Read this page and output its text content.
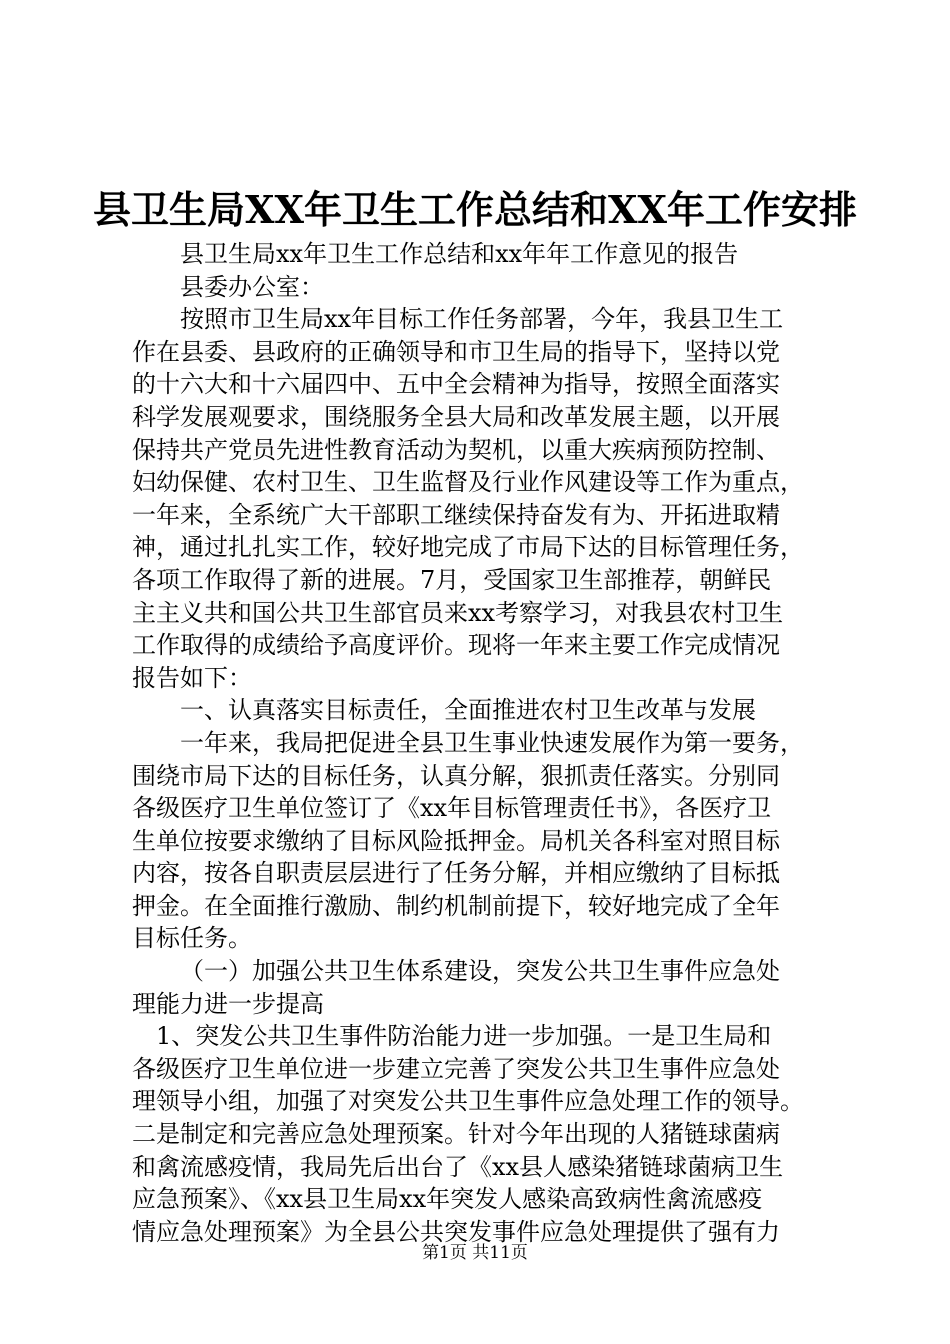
县卫生局XX年卫生工作总结和XX年工作安排
县卫生局xx年卫生工作总结和xx年年工作意见的报告
县委办公室：
按照市卫生局xx年目标工作任务部署，今年，我县卫生工
作在县委、县政府的正确领导和市卫生局的指导下，坚持以党
的十六大和十六届四中、五中全会精神为指导，按照全面落实
科学发展观要求，围绕服务全县大局和改革发展主题，以开展
保持共产党员先进性教育活动为契机，以重大疾病预防控制、
妇幼保健、农村卫生、卫生监督及行业作风建设等工作为重点，
一年来，全系统广大干部职工继续保持奋发有为、开拓进取精
神，通过扎扎实工作，较好地完成了市局下达的目标管理任务，
各项工作取得了新的进展。7月，受国家卫生部推荐，朝鲜民
主主义共和国公共卫生部官员来xx考察学习，对我县农村卫生
工作取得的成绩给予高度评价。现将一年来主要工作完成情况
报告如下：
一、认真落实目标责任，全面推进农村卫生改革与发展
一年来，我局把促进全县卫生事业快速发展作为第一要务，
围绕市局下达的目标任务，认真分解，狠抓责任落实。分别同
各级医疗卫生单位签订了《xx年目标管理责任书》，各医疗卫
生单位按要求缴纳了目标风险抵押金。局机关各科室对照目标
内容，按各自职责层层进行了任务分解，并相应缴纳了目标抵
押金。在全面推行激励、制约机制前提下，较好地完成了全年
目标任务。
（一）加强公共卫生体系建设，突发公共卫生事件应急处
理能力进一步提高
1、突发公共卫生事件防治能力进一步加强。一是卫生局和
各级医疗卫生单位进一步建立完善了突发公共卫生事件应急处
理领导小组，加强了对突发公共卫生事件应急处理工作的领导。
二是制定和完善应急处理预案。针对今年出现的人猪链球菌病
和禽流感疫情，我局先后出台了《xx县人感染猪链球菌病卫生
应急预案》、《xx县卫生局xx年突发人感染高致病性禽流感疫
情应急处理预案》为全县公共突发事件应急处理提供了强有力
第1页 共11页
